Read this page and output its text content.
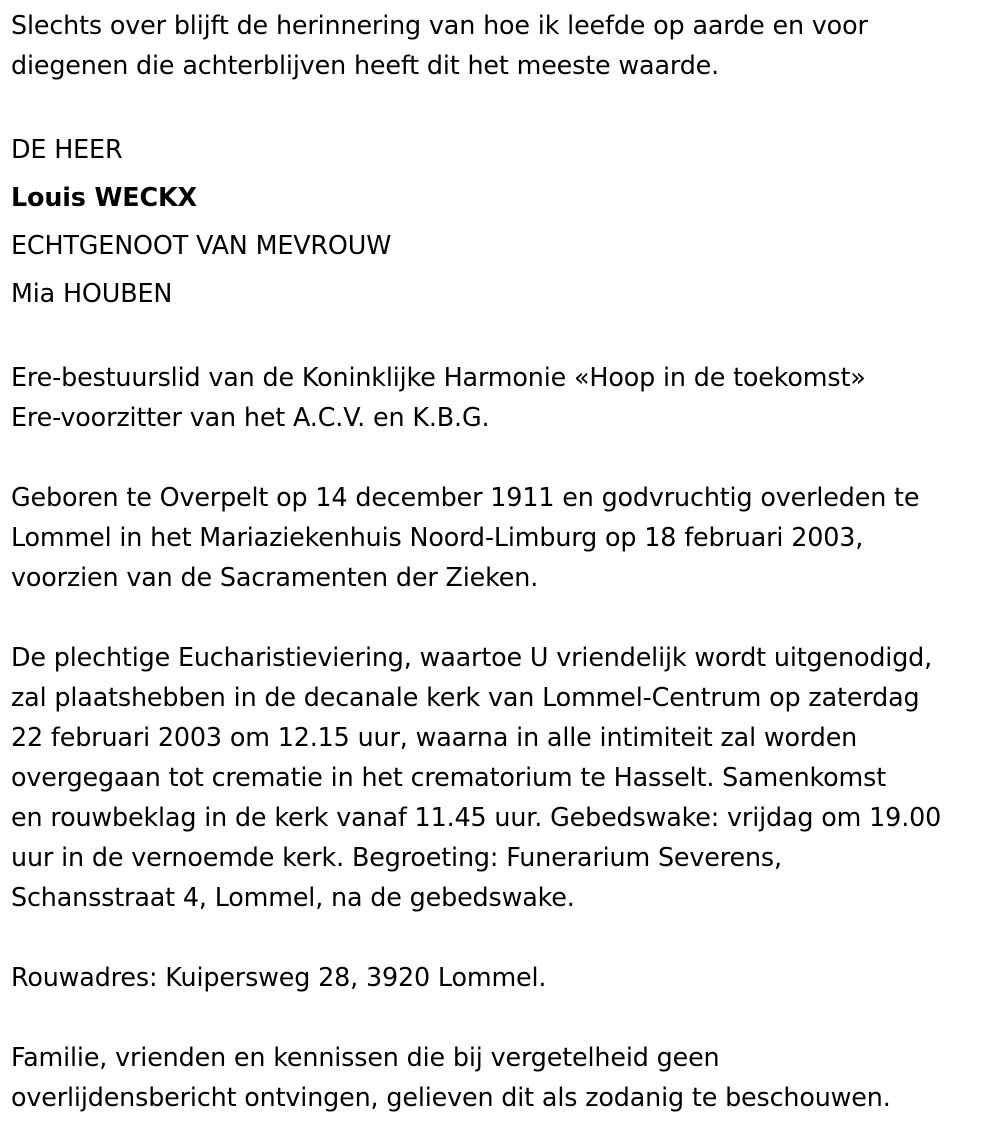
Slechts over blijft de herinnering van hoe ik leefde op aarde en voor
diegenen die achterblijven heeft dit het meeste waarde.
DE HEER
Louis WECKX
ECHTGENOOT VAN MEVROUW
Mia HOUBEN
Ere-bestuurslid van de Koninklijke Harmonie «Hoop in de toekomst»
Ere-voorzitter van het A.C.V. en K.B.G.
Geboren te Overpelt op 14 december 1911 en godvruchtig overleden te
Lommel in het Mariaziekenhuis Noord-Limburg op 18 februari 2003,
voorzien van de Sacramenten der Zieken.
De plechtige Eucharistieviering, waartoe U vriendelijk wordt uitgenodigd,
zal plaatshebben in de decanale kerk van Lommel-Centrum op zaterdag
22 februari 2003 om 12.15 uur, waarna in alle intimiteit zal worden
overgegaan tot crematie in het crematorium te Hasselt. Samenkomst
en rouwbeklag in de kerk vanaf 11.45 uur. Gebedswake: vrijdag om 19.00
uur in de vernoemde kerk. Begroeting: Funerarium Severens,
Schansstraat 4, Lommel, na de gebedswake.
Rouwadres: Kuipersweg 28, 3920 Lommel.
Familie, vrienden en kennissen die bij vergetelheid geen
overlijdensbericht ontvingen, gelieven dit als zodanig te beschouwen.
